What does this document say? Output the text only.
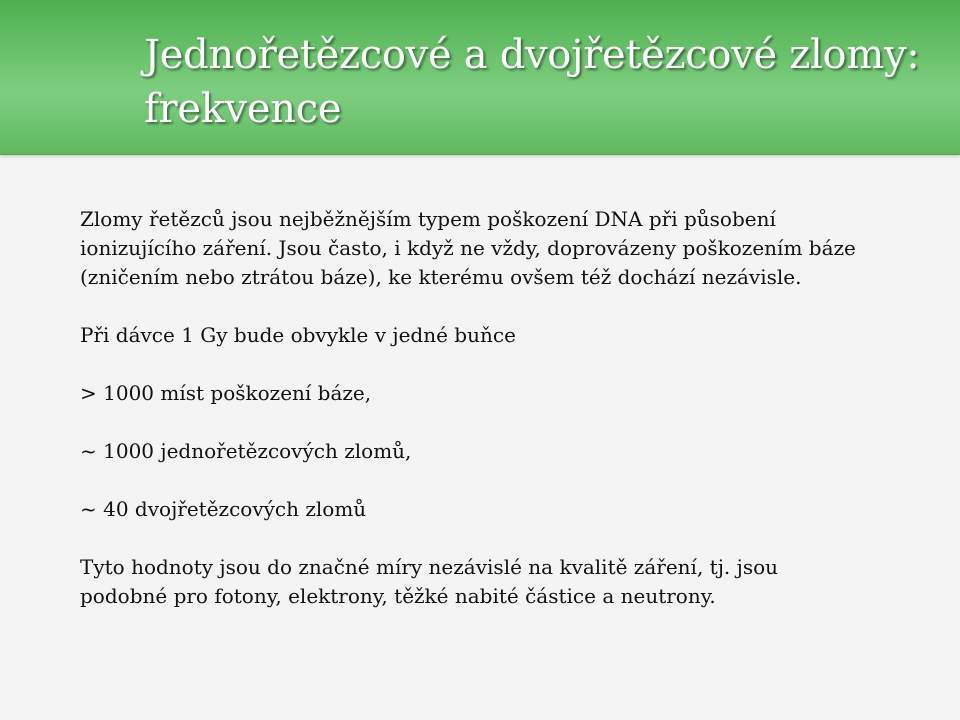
Jednořetězcové a dvojřetězcové zlomy: frekvence

Zlomy řetězců jsou nejběžnějším typem poškození DNA při působení ionizujícího záření. Jsou často, i když ne vždy, doprovázeny poškozením báze (zničením nebo ztrátou báze), ke kterému ovšem též dochází nezávisle.

Při dávce 1 Gy bude obvykle v jedné buňce

> 1000 míst poškození báze,

~ 1000 jednořetězcových zlomů,

~ 40 dvojřetězcových zlomů

Tyto hodnoty jsou do značné míry nezávislé na kvalitě záření, tj. jsou podobné pro fotony, elektrony, těžké nabité částice a neutrony.
